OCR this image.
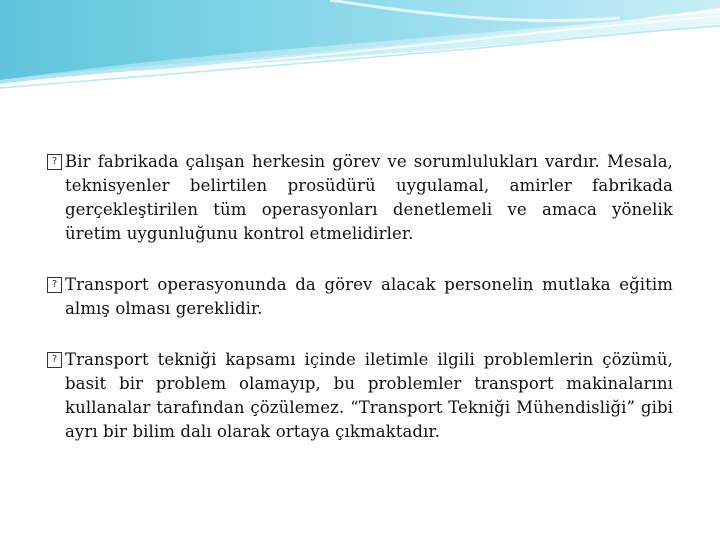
? Bir fabrikada çalışan herkesin görev ve sorumlulukları vardır. Mesala, teknisyenler belirtilen prosüdürü uygulamal, amirler fabrikada gerçekleştirilen tüm operasyonları denetlemeli ve amaca yönelik üretim uygunluğunu kontrol etmelidirler.
? Transport operasyonunda da görev alacak personelin mutlaka eğitim almış olması gereklidir.
? Transport tekniği kapsamı içinde iletimle ilgili problemlerin çözümü, basit bir problem olamayıp, bu problemler transport makinalarını kullanalar tarafından çözülemez. “Transport Tekniği Mühendisliği” gibi ayrı bir bilim dalı olarak ortaya çıkmaktadır.
